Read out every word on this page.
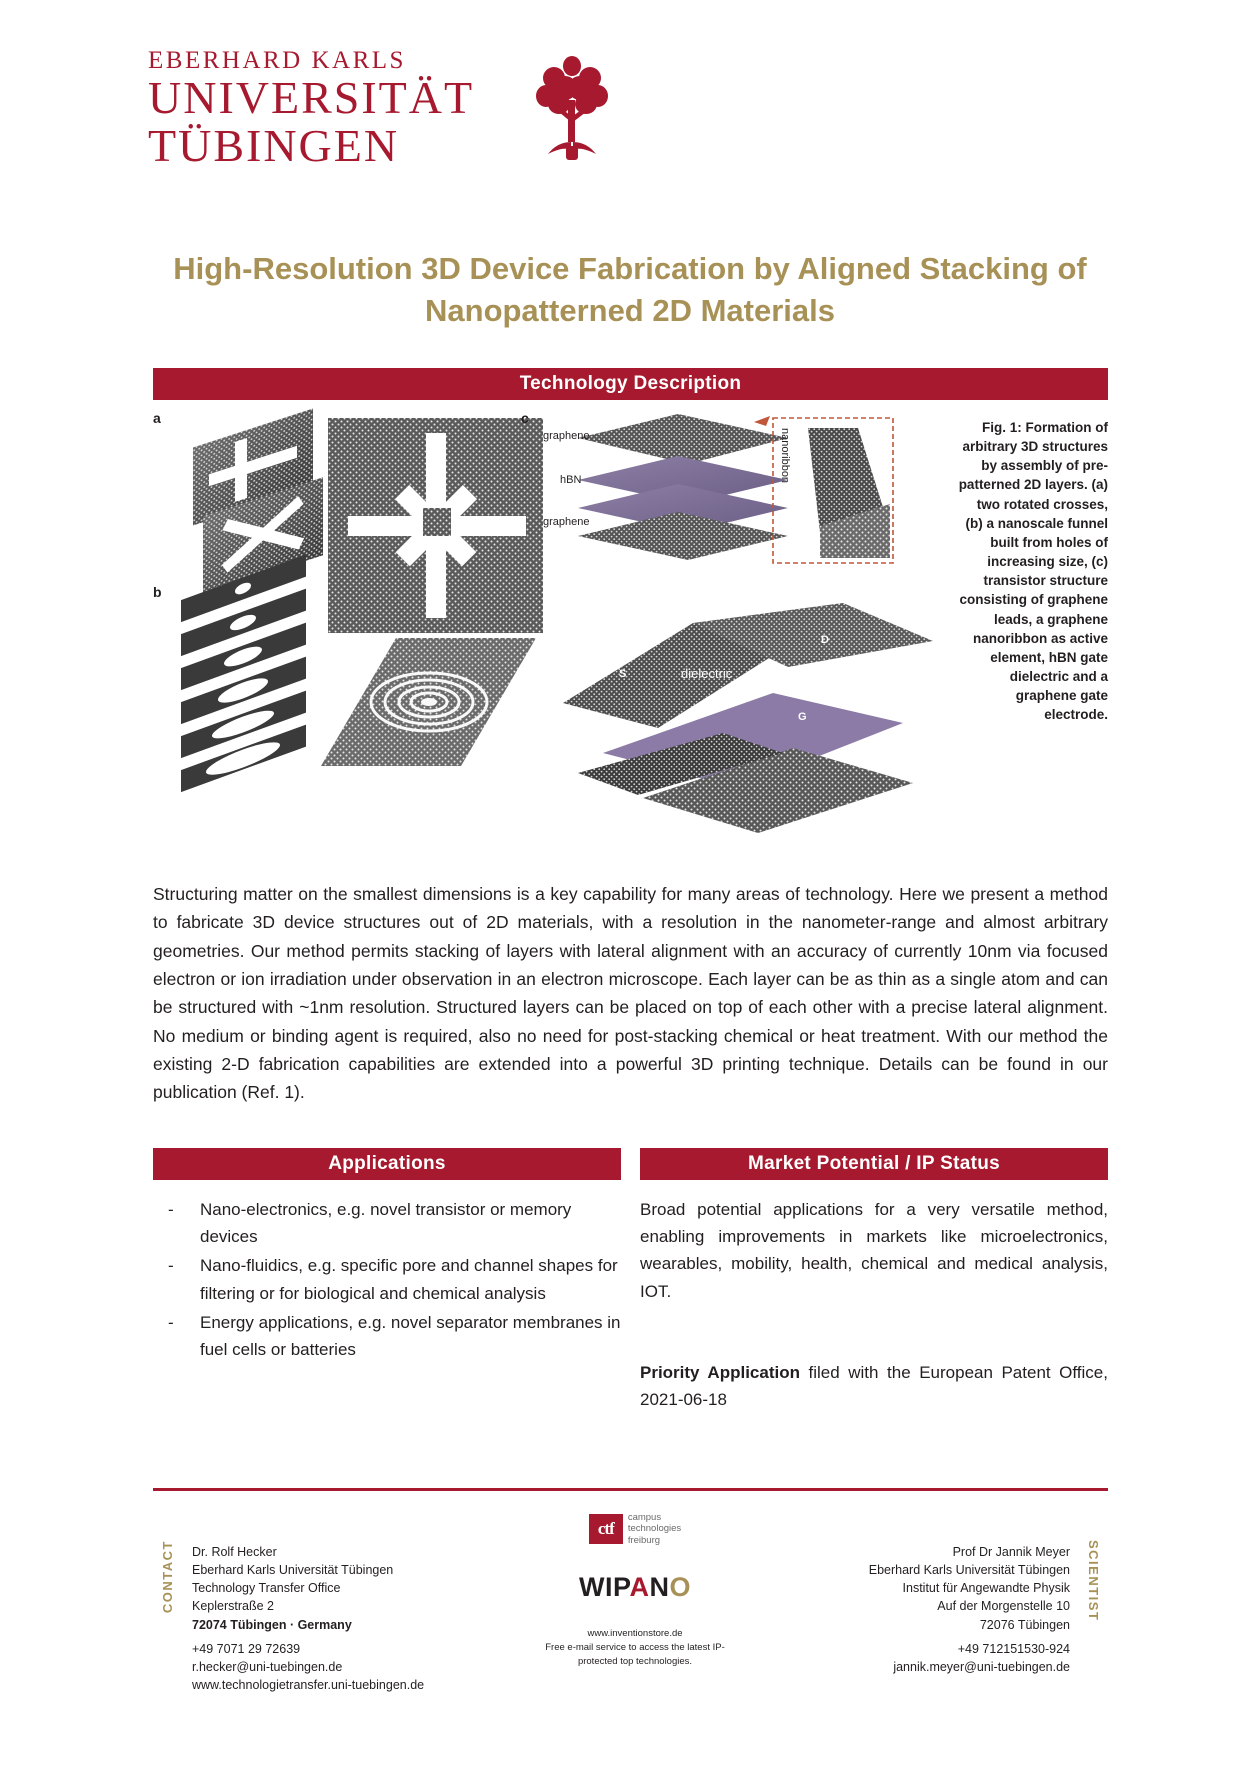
EBERHARD KARLS
UNIVERSITÄT
TÜBINGEN
High-Resolution 3D Device Fabrication by Aligned Stacking of Nanopatterned 2D Materials
Technology Description
a
b
c
graphene
hBN
graphene
nanoribbon
S
D
G
dielectric
Fig. 1: Formation of arbitrary 3D structures by assembly of pre-patterned 2D layers. (a) two rotated crosses, (b) a nanoscale funnel built from holes of increasing size, (c) transistor structure consisting of graphene leads, a graphene nanoribbon as active element, hBN gate dielectric and a graphene gate electrode.
Structuring matter on the smallest dimensions is a key capability for many areas of technology. Here we present a method to fabricate 3D device structures out of 2D materials, with a resolution in the nanometer-range and almost arbitrary geometries. Our method permits stacking of layers with lateral alignment with an accuracy of currently 10nm via focused electron or ion irradiation under observation in an electron microscope. Each layer can be as thin as a single atom and can be structured with ~1nm resolution. Structured layers can be placed on top of each other with a precise lateral alignment. No medium or binding agent is required, also no need for post-stacking chemical or heat treatment. With our method the existing 2-D fabrication capabilities are extended into a powerful 3D printing technique. Details can be found in our publication (Ref. 1).
Applications	Market Potential / IP Status
-	Nano-electronics, e.g. novel transistor or memory devices
-	Nano-fluidics, e.g. specific pore and channel shapes for filtering or for biological and chemical analysis
-	Energy applications, e.g. novel separator membranes in fuel cells or batteries

Broad potential applications for a very versatile method, enabling improvements in markets like microelectronics, wearables, mobility, health, chemical and medical analysis, IOT.

Priority Application filed with the European Patent Office, 2021-06-18

CONTACT	SCIENTIST
Dr. Rolf Hecker
Eberhard Karls Universität Tübingen
Technology Transfer Office
Keplerstraße 2
72074 Tübingen · Germany
+49 7071 29 72639
r.hecker@uni-tuebingen.de
www.technologietransfer.uni-tuebingen.de
Prof Dr Jannik Meyer
Eberhard Karls Universität Tübingen
Institut für Angewandte Physik
Auf der Morgenstelle 10
72076 Tübingen
+49 712151530-924
jannik.meyer@uni-tuebingen.de
ctf
campus
technologies
freiburg
WIPANO
www.inventionstore.de
Free e-mail service to access the latest IP-
protected top technologies.
